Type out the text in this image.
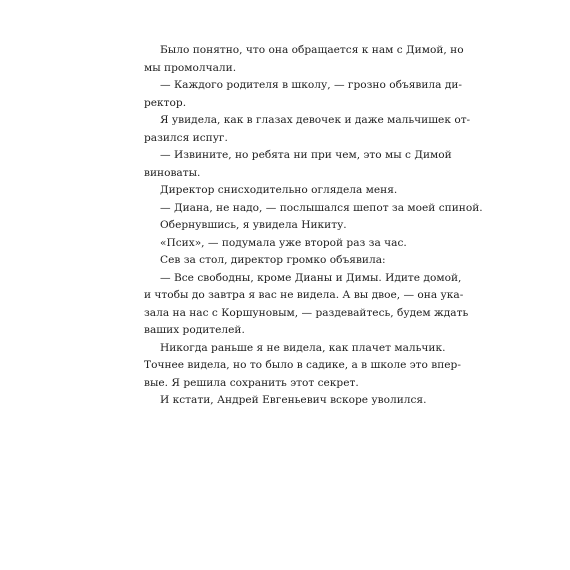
Было понятно, что она обращается к нам с Димой, но
мы промолчали.
— Каждого родителя в школу, — грозно объявила ди-
ректор.
Я увидела, как в глазах девочек и даже мальчишек от-
разился испуг.
— Извините, но ребята ни при чем, это мы с Димой
виноваты.
Директор снисходительно оглядела меня.
— Диана, не надо, — послышался шепот за моей спиной.
Обернувшись, я увидела Никиту.
«Псих», — подумала уже второй раз за час.
Сев за стол, директор громко объявила:
— Все свободны, кроме Дианы и Димы. Идите домой,
и чтобы до завтра я вас не видела. А вы двое, — она ука-
зала на нас с Коршуновым, — раздевайтесь, будем ждать
ваших родителей.
Никогда раньше я не видела, как плачет мальчик.
Точнее видела, но то было в садике, а в школе это впер-
вые. Я решила сохранить этот секрет.
И кстати, Андрей Евгеньевич вскоре уволился.
